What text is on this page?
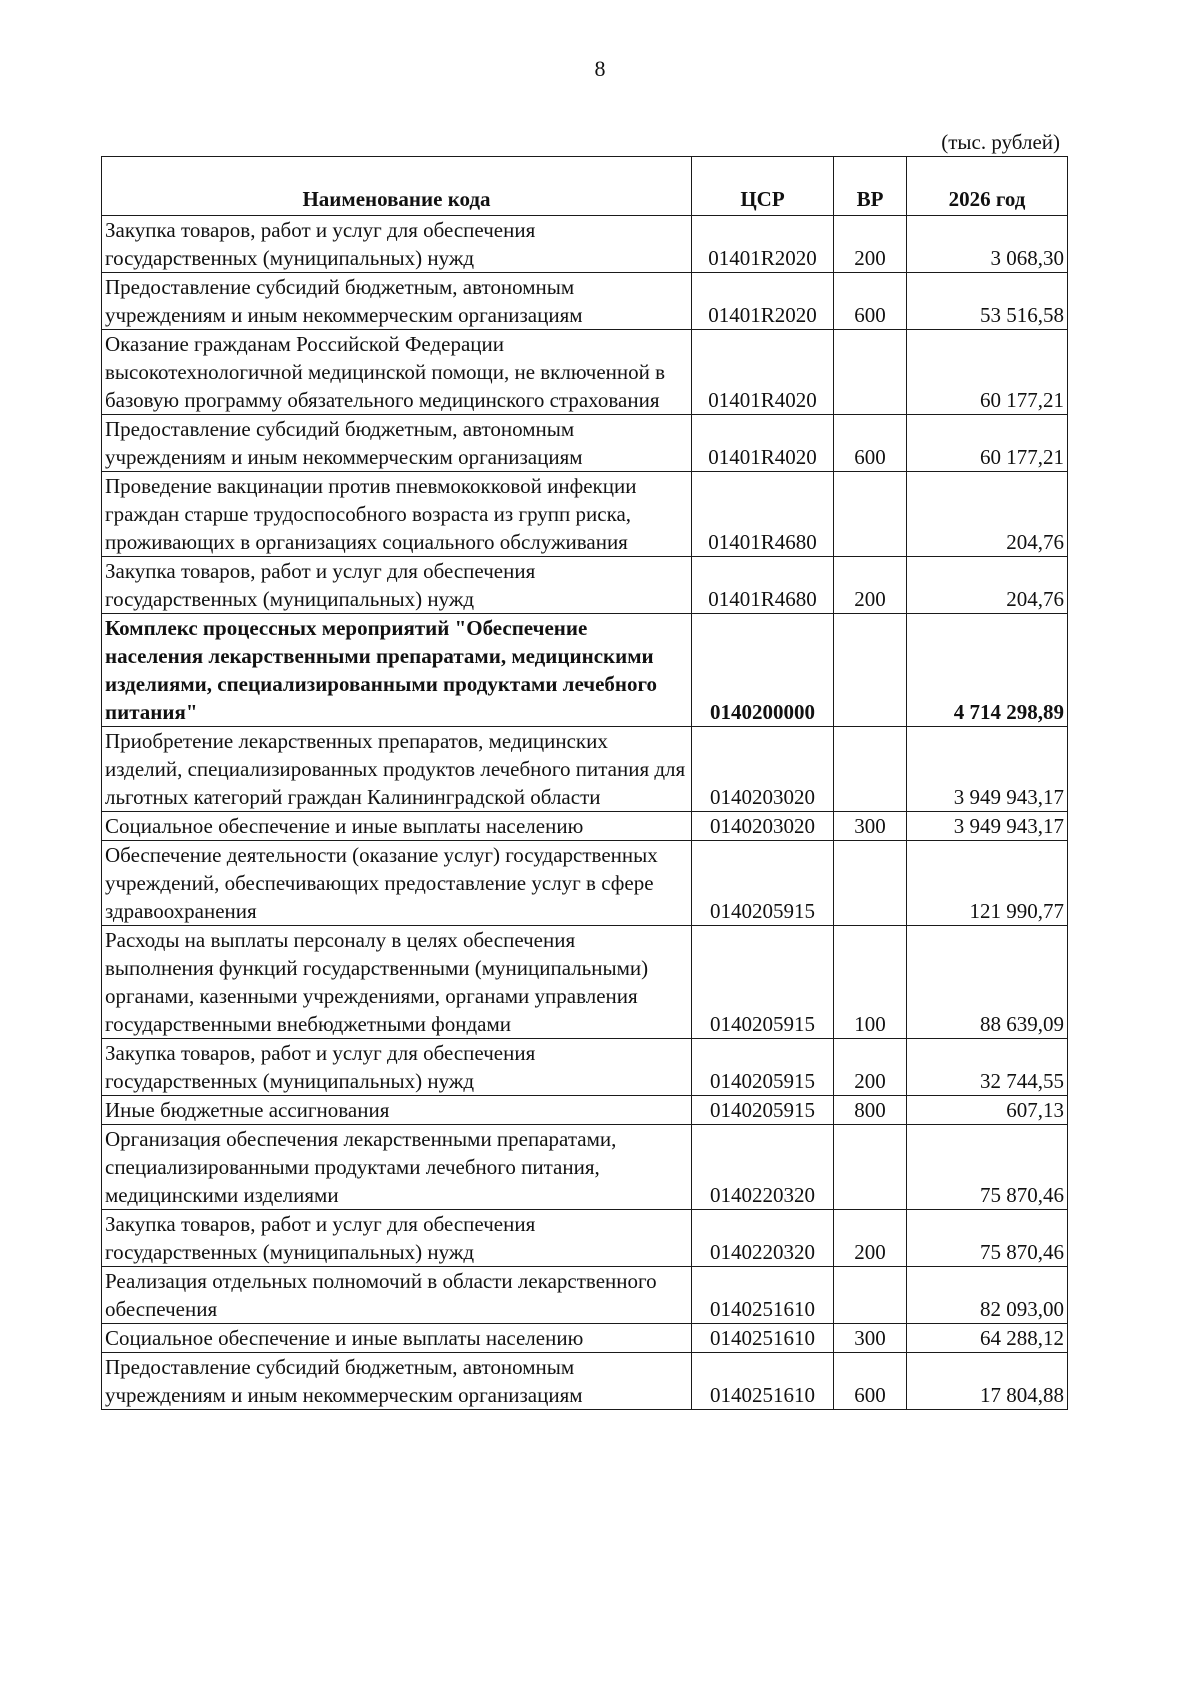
8
(тыс. рублей)
Наименование кода	ЦСР	ВР	2026 год
Закупка товаров, работ и услуг для обеспечения государственных (муниципальных) нужд	01401R2020	200	3 068,30
Предоставление субсидий бюджетным, автономным учреждениям и иным некоммерческим организациям	01401R2020	600	53 516,58
Оказание гражданам Российской Федерации высокотехнологичной медицинской помощи, не включенной в базовую программу обязательного медицинского страхования	01401R4020		60 177,21
Предоставление субсидий бюджетным, автономным учреждениям и иным некоммерческим организациям	01401R4020	600	60 177,21
Проведение вакцинации против пневмококковой инфекции граждан старше трудоспособного возраста из групп риска, проживающих в организациях социального обслуживания	01401R4680		204,76
Закупка товаров, работ и услуг для обеспечения государственных (муниципальных) нужд	01401R4680	200	204,76
Комплекс процессных мероприятий "Обеспечение населения лекарственными препаратами, медицинскими изделиями, специализированными продуктами лечебного питания"	0140200000		4 714 298,89
Приобретение лекарственных препаратов, медицинских изделий, специализированных продуктов лечебного питания для льготных категорий граждан Калининградской области	0140203020		3 949 943,17
Социальное обеспечение и иные выплаты населению	0140203020	300	3 949 943,17
Обеспечение деятельности (оказание услуг) государственных учреждений, обеспечивающих предоставление услуг в сфере здравоохранения	0140205915		121 990,77
Расходы на выплаты персоналу в целях обеспечения выполнения функций государственными (муниципальными) органами, казенными учреждениями, органами управления государственными внебюджетными фондами	0140205915	100	88 639,09
Закупка товаров, работ и услуг для обеспечения государственных (муниципальных) нужд	0140205915	200	32 744,55
Иные бюджетные ассигнования	0140205915	800	607,13
Организация обеспечения лекарственными препаратами, специализированными продуктами лечебного питания, медицинскими изделиями	0140220320		75 870,46
Закупка товаров, работ и услуг для обеспечения государственных (муниципальных) нужд	0140220320	200	75 870,46
Реализация отдельных полномочий в области лекарственного обеспечения	0140251610		82 093,00
Социальное обеспечение и иные выплаты населению	0140251610	300	64 288,12
Предоставление субсидий бюджетным, автономным учреждениям и иным некоммерческим организациям	0140251610	600	17 804,88
